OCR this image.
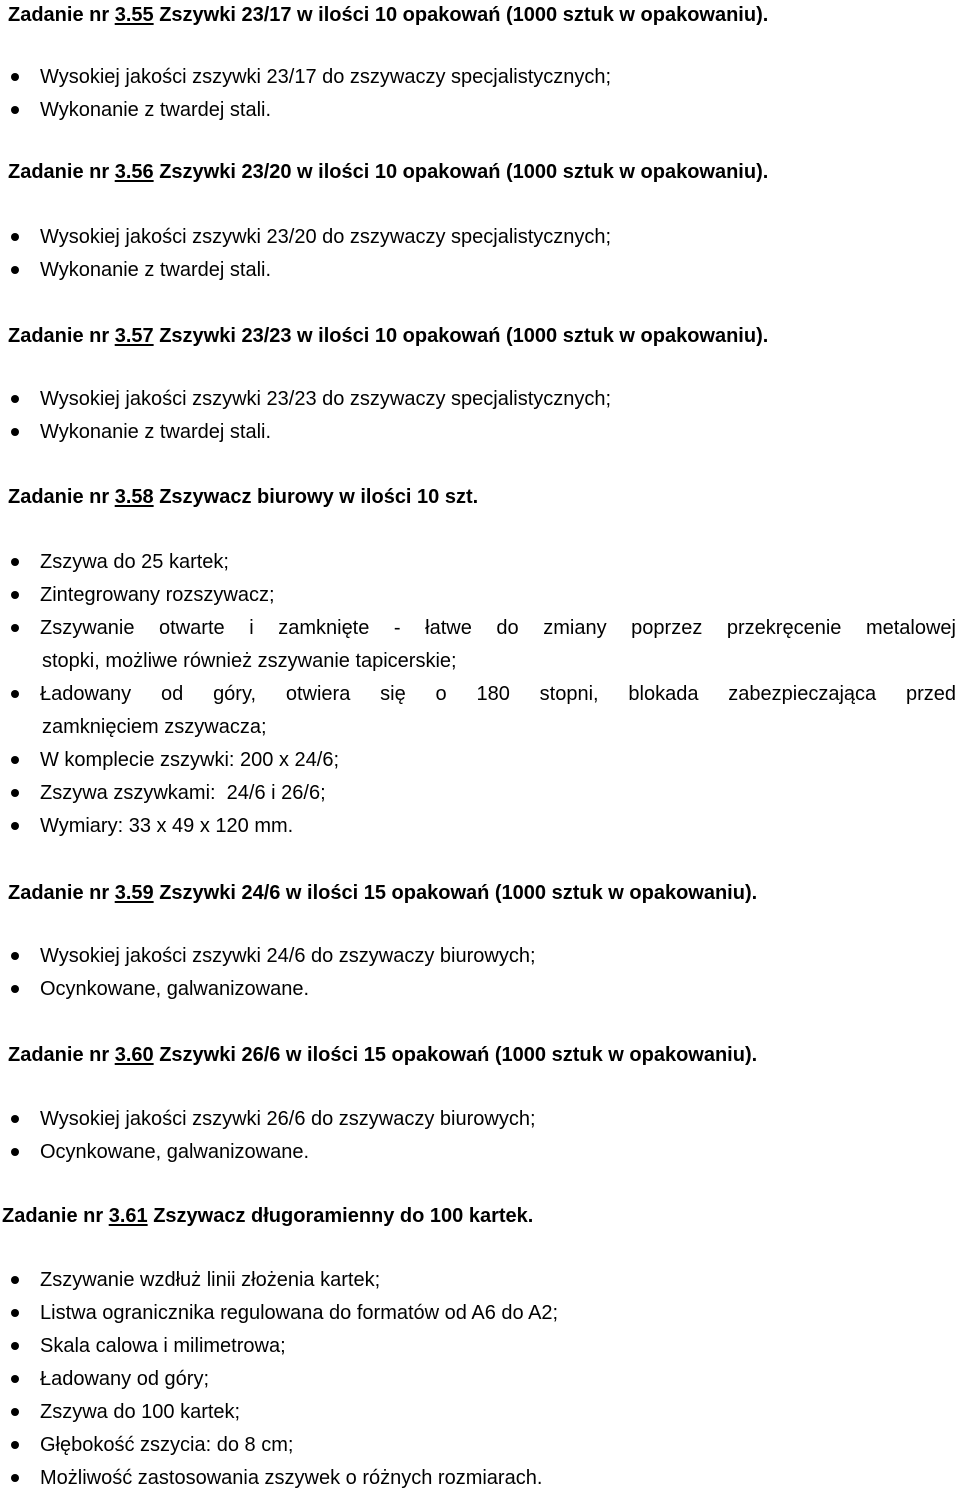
Zadanie nr 3.55 Zszywki 23/17 w ilości 10 opakowań (1000 sztuk w opakowaniu).
Wysokiej jakości zszywki 23/17 do zszywaczy specjalistycznych;
Wykonanie z twardej stali.
Zadanie nr 3.56 Zszywki 23/20 w ilości 10 opakowań (1000 sztuk w opakowaniu).
Wysokiej jakości zszywki 23/20 do zszywaczy specjalistycznych;
Wykonanie z twardej stali.
Zadanie nr 3.57 Zszywki 23/23 w ilości 10 opakowań (1000 sztuk w opakowaniu).
Wysokiej jakości zszywki 23/23 do zszywaczy specjalistycznych;
Wykonanie z twardej stali.
Zadanie nr 3.58 Zszywacz biurowy w ilości 10 szt.
Zszywa do 25 kartek;
Zintegrowany rozszywacz;
Zszywanie otwarte i zamknięte - łatwe do zmiany poprzez przekręcenie metalowej
stopki, możliwe również zszywanie tapicerskie;
Ładowany od góry, otwiera się o 180 stopni, blokada zabezpieczająca przed
zamknięciem zszywacza;
W komplecie zszywki: 200 x 24/6;
Zszywa zszywkami:  24/6 i 26/6;
Wymiary: 33 x 49 x 120 mm.
Zadanie nr 3.59 Zszywki 24/6 w ilości 15 opakowań (1000 sztuk w opakowaniu).
Wysokiej jakości zszywki 24/6 do zszywaczy biurowych;
Ocynkowane, galwanizowane.
Zadanie nr 3.60 Zszywki 26/6 w ilości 15 opakowań (1000 sztuk w opakowaniu).
Wysokiej jakości zszywki 26/6 do zszywaczy biurowych;
Ocynkowane, galwanizowane.
Zadanie nr 3.61 Zszywacz długoramienny do 100 kartek.
Zszywanie wzdłuż linii złożenia kartek;
Listwa ogranicznika regulowana do formatów od A6 do A2;
Skala calowa i milimetrowa;
Ładowany od góry;
Zszywa do 100 kartek;
Głębokość zszycia: do 8 cm;
Możliwość zastosowania zszywek o różnych rozmiarach.
